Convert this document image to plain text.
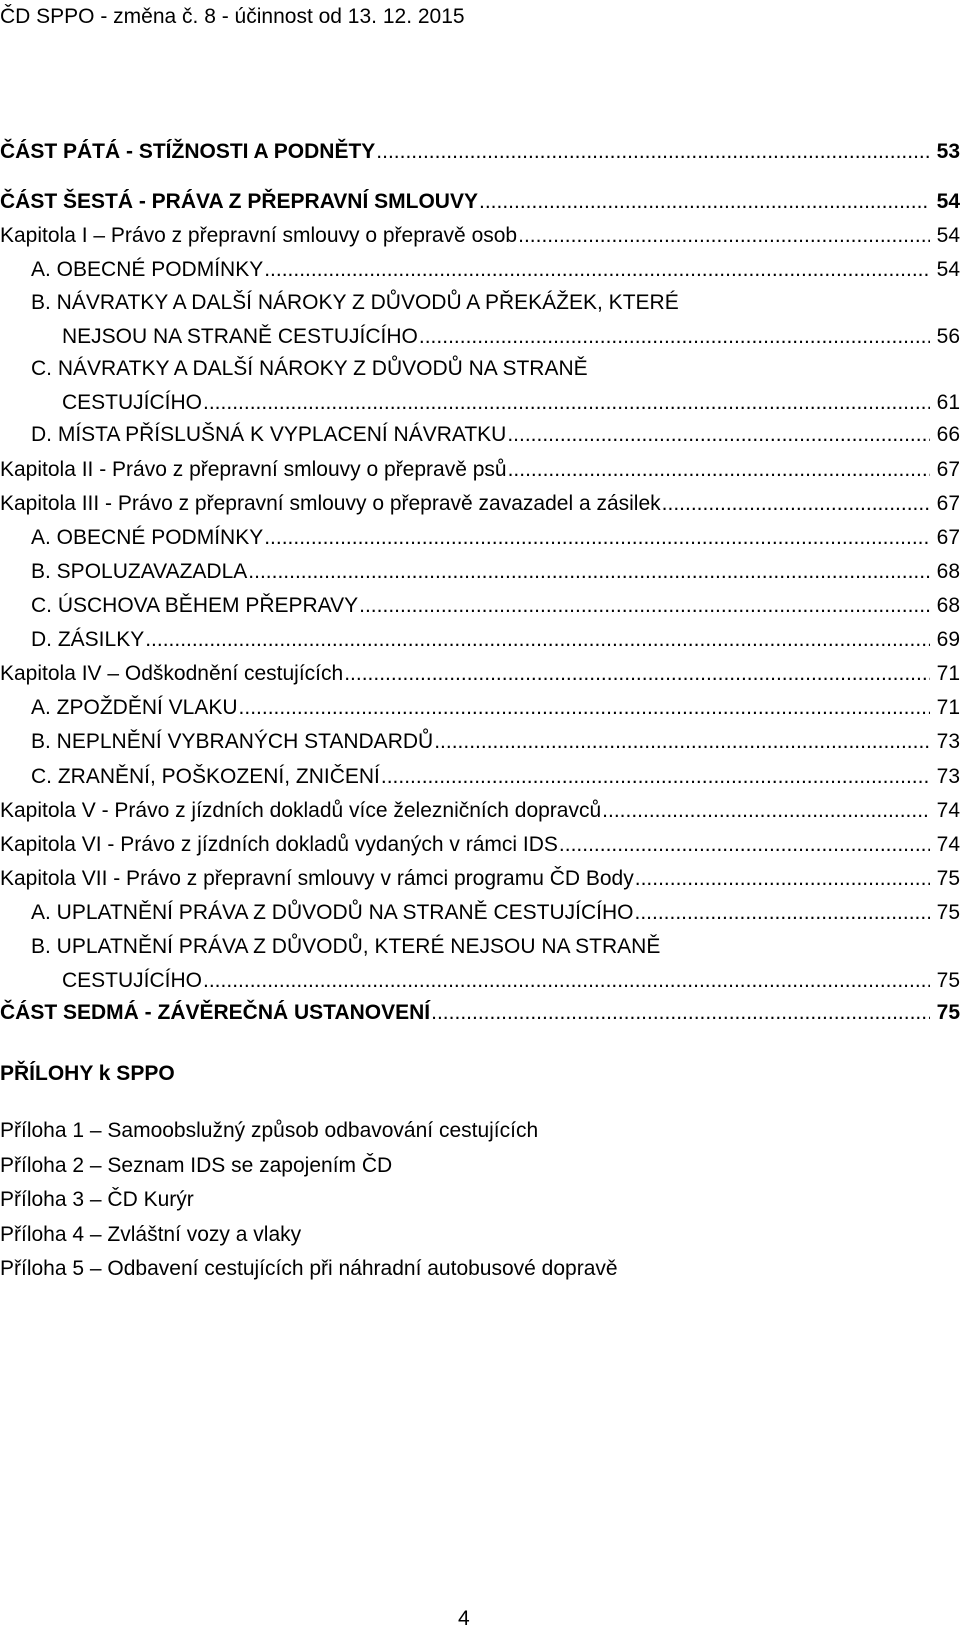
ČD SPPO - změna č. 8 - účinnost od 13. 12. 2015
ČÁST PÁTÁ - STÍŽNOSTI A PODNĚTY .....	53
ČÁST ŠESTÁ - PRÁVA Z PŘEPRAVNÍ SMLOUVY .....	54
Kapitola I – Právo z přepravní smlouvy o přepravě osob .....	54
A. OBECNÉ PODMÍNKY .....	54
B. NÁVRATKY A DALŠÍ NÁROKY Z DŮVODŮ A PŘEKÁŽEK, KTERÉ
NEJSOU NA STRANĚ CESTUJÍCÍHO .....	56
C. NÁVRATKY A DALŠÍ NÁROKY Z DŮVODŮ NA STRANĚ
CESTUJÍCÍHO .....	61
D. MÍSTA PŘÍSLUŠNÁ K VYPLACENÍ NÁVRATKU .....	66
Kapitola II - Právo z přepravní smlouvy o přepravě psů .....	67
Kapitola III - Právo z přepravní smlouvy o přepravě zavazadel a zásilek .....	67
A. OBECNÉ PODMÍNKY .....	67
B. SPOLUZAVAZADLA .....	68
C. ÚSCHOVA BĚHEM PŘEPRAVY .....	68
D. ZÁSILKY .....	69
Kapitola IV – Odškodnění cestujících .....	71
A. ZPOŽDĚNÍ VLAKU .....	71
B. NEPLNĚNÍ VYBRANÝCH STANDARDŮ .....	73
C. ZRANĚNÍ, POŠKOZENÍ, ZNIČENÍ .....	73
Kapitola V - Právo z jízdních dokladů více železničních dopravců .....	74
Kapitola VI - Právo z jízdních dokladů vydaných v rámci IDS .....	74
Kapitola VII - Právo z přepravní smlouvy v rámci programu ČD Body .....	75
A. UPLATNĚNÍ PRÁVA Z DŮVODŮ NA STRANĚ CESTUJÍCÍHO .....	75
B. UPLATNĚNÍ PRÁVA Z DŮVODŮ, KTERÉ NEJSOU NA STRANĚ
CESTUJÍCÍHO .....	75
ČÁST SEDMÁ - ZÁVĚREČNÁ USTANOVENÍ .....	75
PŘÍLOHY k SPPO
Příloha 1 – Samoobslužný způsob odbavování cestujících
Příloha 2 – Seznam IDS se zapojením ČD
Příloha 3 – ČD Kurýr
Příloha 4 – Zvláštní vozy a vlaky
Příloha 5 – Odbavení cestujících při náhradní autobusové dopravě
4
